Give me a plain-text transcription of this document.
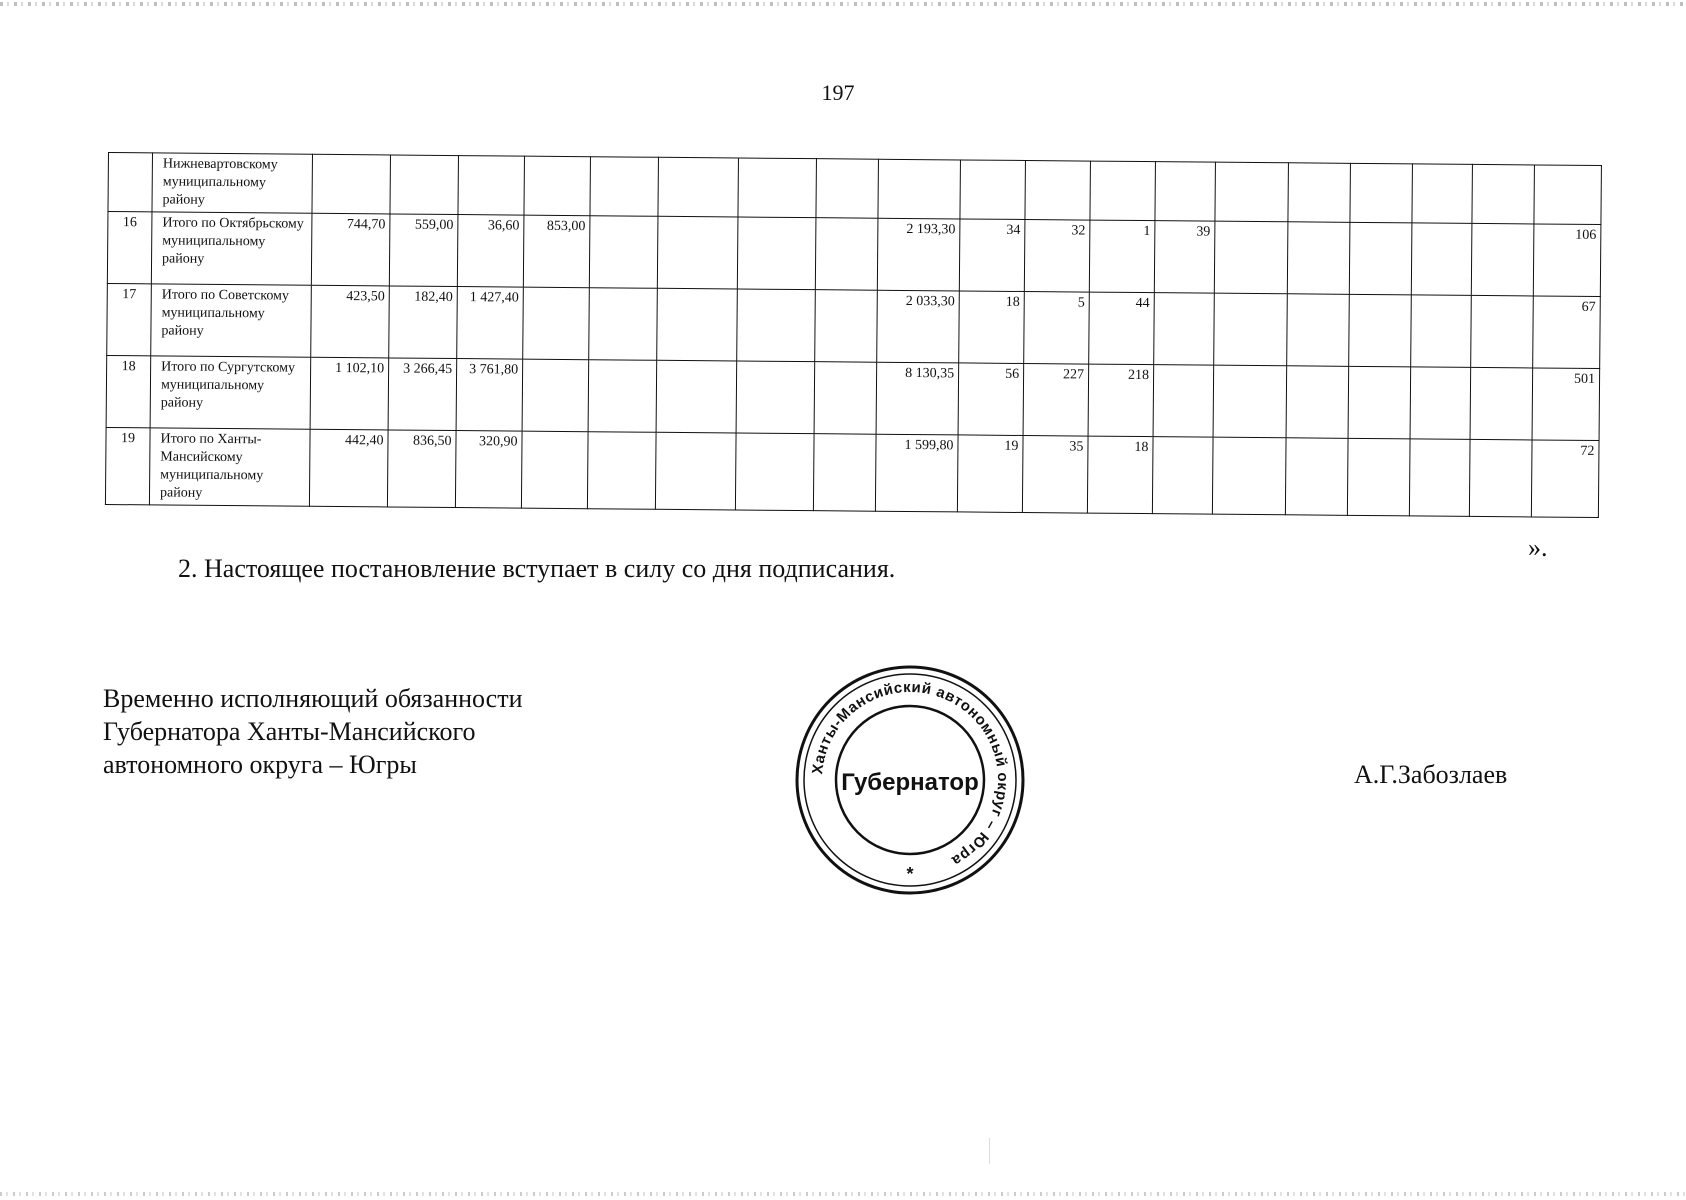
197
	Нижневартовскому муниципальному району																			
16	Итого по Октябрьскому муниципальному району	744,70	559,00	36,60	853,00					2 193,30	34	32	1	39						106
17	Итого по Советскому муниципальному району	423,50	182,40	1 427,40						2 033,30	18	5	44							67
18	Итого по Сургутскому муниципальному району	1 102,10	3 266,45	3 761,80						8 130,35	56	227	218							501
19	Итого по Ханты-Мансийскому муниципальному району	442,40	836,50	320,90						1 599,80	19	35	18							72
».
2. Настоящее постановление вступает в силу со дня подписания.
Временно исполняющий обязанности
Губернатора Ханты-Мансийского
автономного округа – Югры	Ханты-Мансийский автономный округ – Югра
Губернатор
*
А.Г.Забозлаев
